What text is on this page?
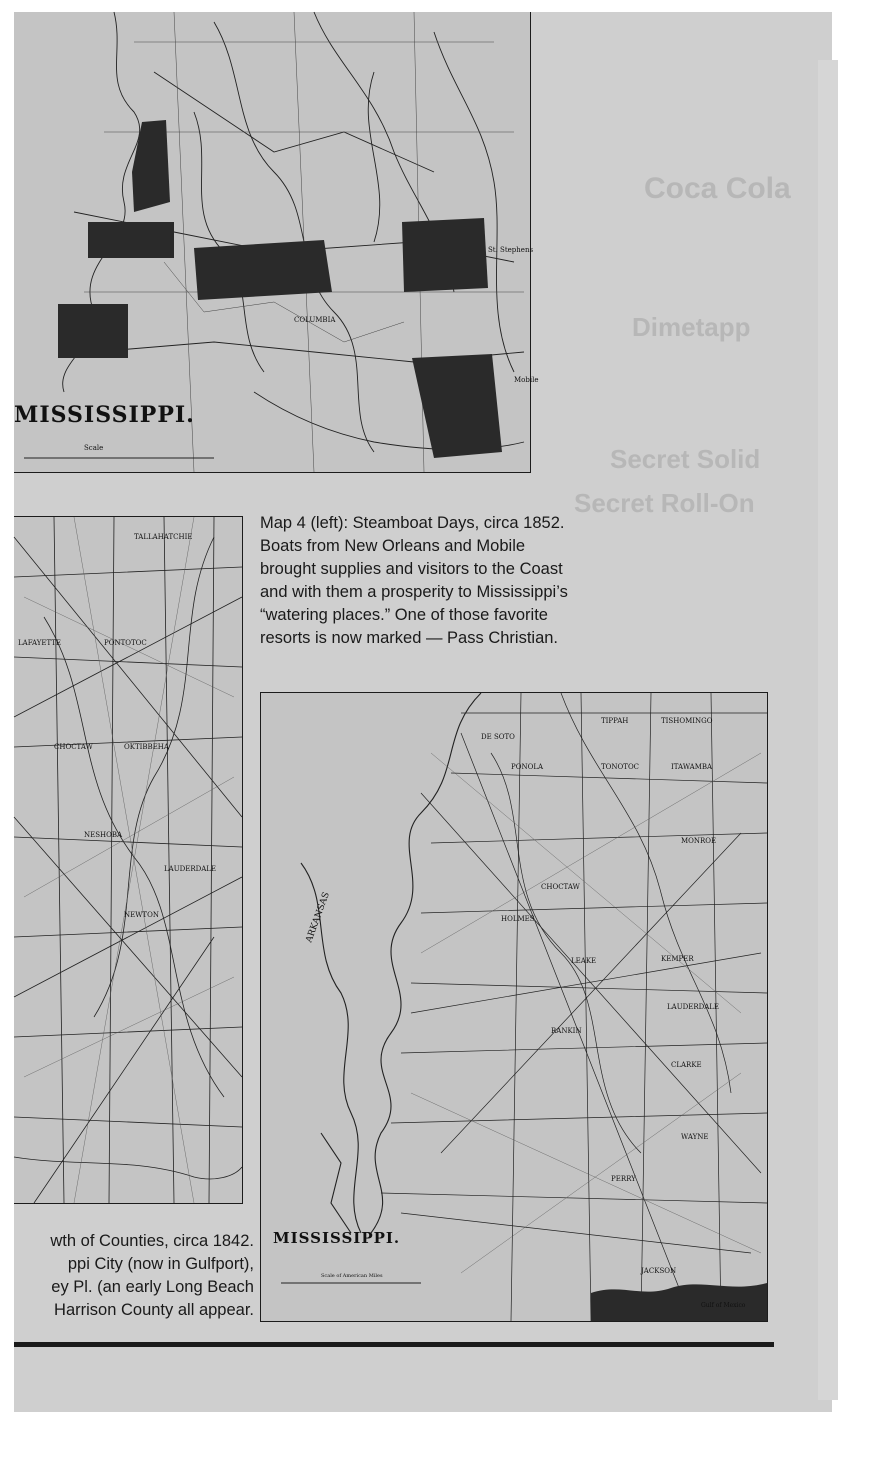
Coca Cola
Dimetapp
Secret Solid
Secret Roll-On
COLUMBIA
St. Stephens
Mobile
Scale
MISSISSIPPI.
Map 4 (left): Steamboat Days, circa 1852.
Boats from New Orleans and Mobile
brought supplies and visitors to the Coast
and with them a prosperity to Mississippi’s
“watering places.” One of those favorite
resorts is now marked — Pass Christian.
TALLAHATCHIE
LAFAYETTE	PONTOTOC
CHOCTAW	OKTIBBEHA
NESHOBA
LAUDERDALE
NEWTON
wth of Counties, circa 1842.
ppi City (now in Gulfport),
ey Pl. (an early Long Beach
Harrison County all appear.
TIPPAH	TISHOMINGO
DE SOTO
PONOLA	TONOTOC	ITAWAMBA
CHOCTAW
MONROE
HOLMES
LEAKE	KEMPER
LAUDERDALE
CLARKE
RANKIN
PERRY
WAYNE
JACKSON
ARKANSAS
Gulf of Mexico
Scale of American Miles
MISSISSIPPI.
